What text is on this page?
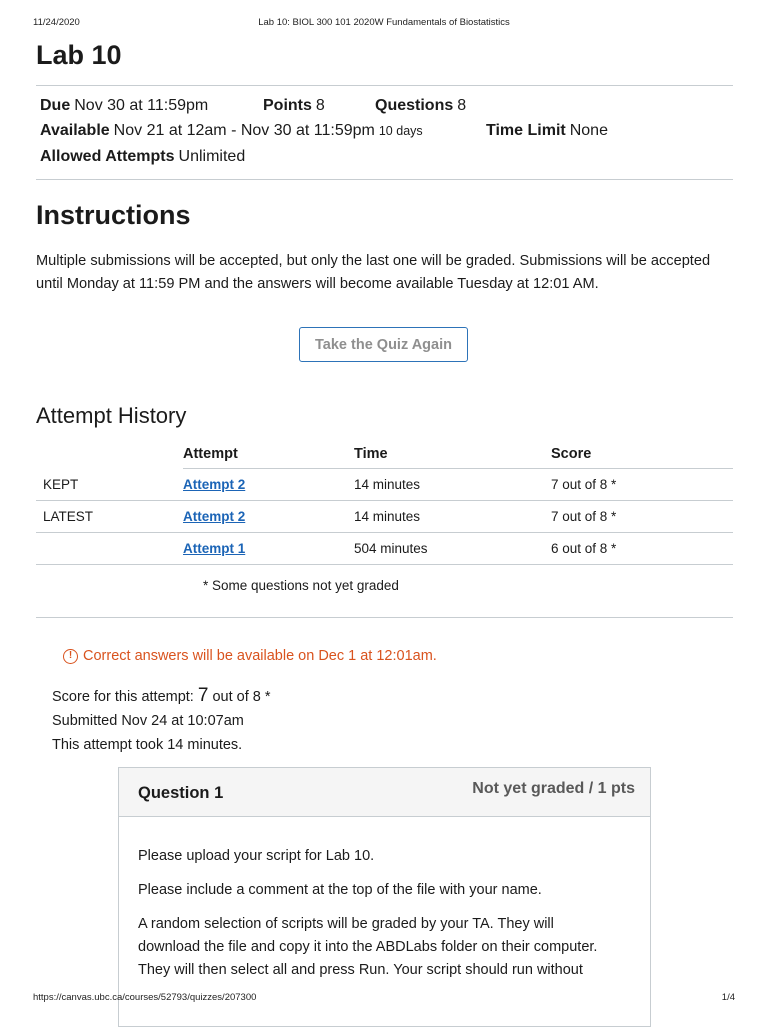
11/24/2020	Lab 10: BIOL 300 101 2020W Fundamentals of Biostatistics
Lab 10
Due Nov 30 at 11:59pm	Points 8	Questions 8
Available Nov 21 at 12am - Nov 30 at 11:59pm 10 days	Time Limit None
Allowed Attempts Unlimited
Instructions

Multiple submissions will be accepted, but only the last one will be graded. Submissions will be accepted until Monday at 11:59 PM and the answers will become available Tuesday at 12:01 AM.

Take the Quiz Again
Attempt History
	Attempt	Time	Score
KEPT	Attempt 2	14 minutes	7 out of 8 *
LATEST	Attempt 2	14 minutes	7 out of 8 *
	Attempt 1	504 minutes	6 out of 8 *
* Some questions not yet graded
! Correct answers will be available on Dec 1 at 12:01am.
Score for this attempt: 7 out of 8 *
Submitted Nov 24 at 10:07am
This attempt took 14 minutes.
Question 1	Not yet graded / 1 pts

Please upload your script for Lab 10.

Please include a comment at the top of the file with your name.

A random selection of scripts will be graded by your TA. They will download the file and copy it into the ABDLabs folder on their computer. They will then select all and press Run. Your script should run without

https://canvas.ubc.ca/courses/52793/quizzes/207300	1/4
